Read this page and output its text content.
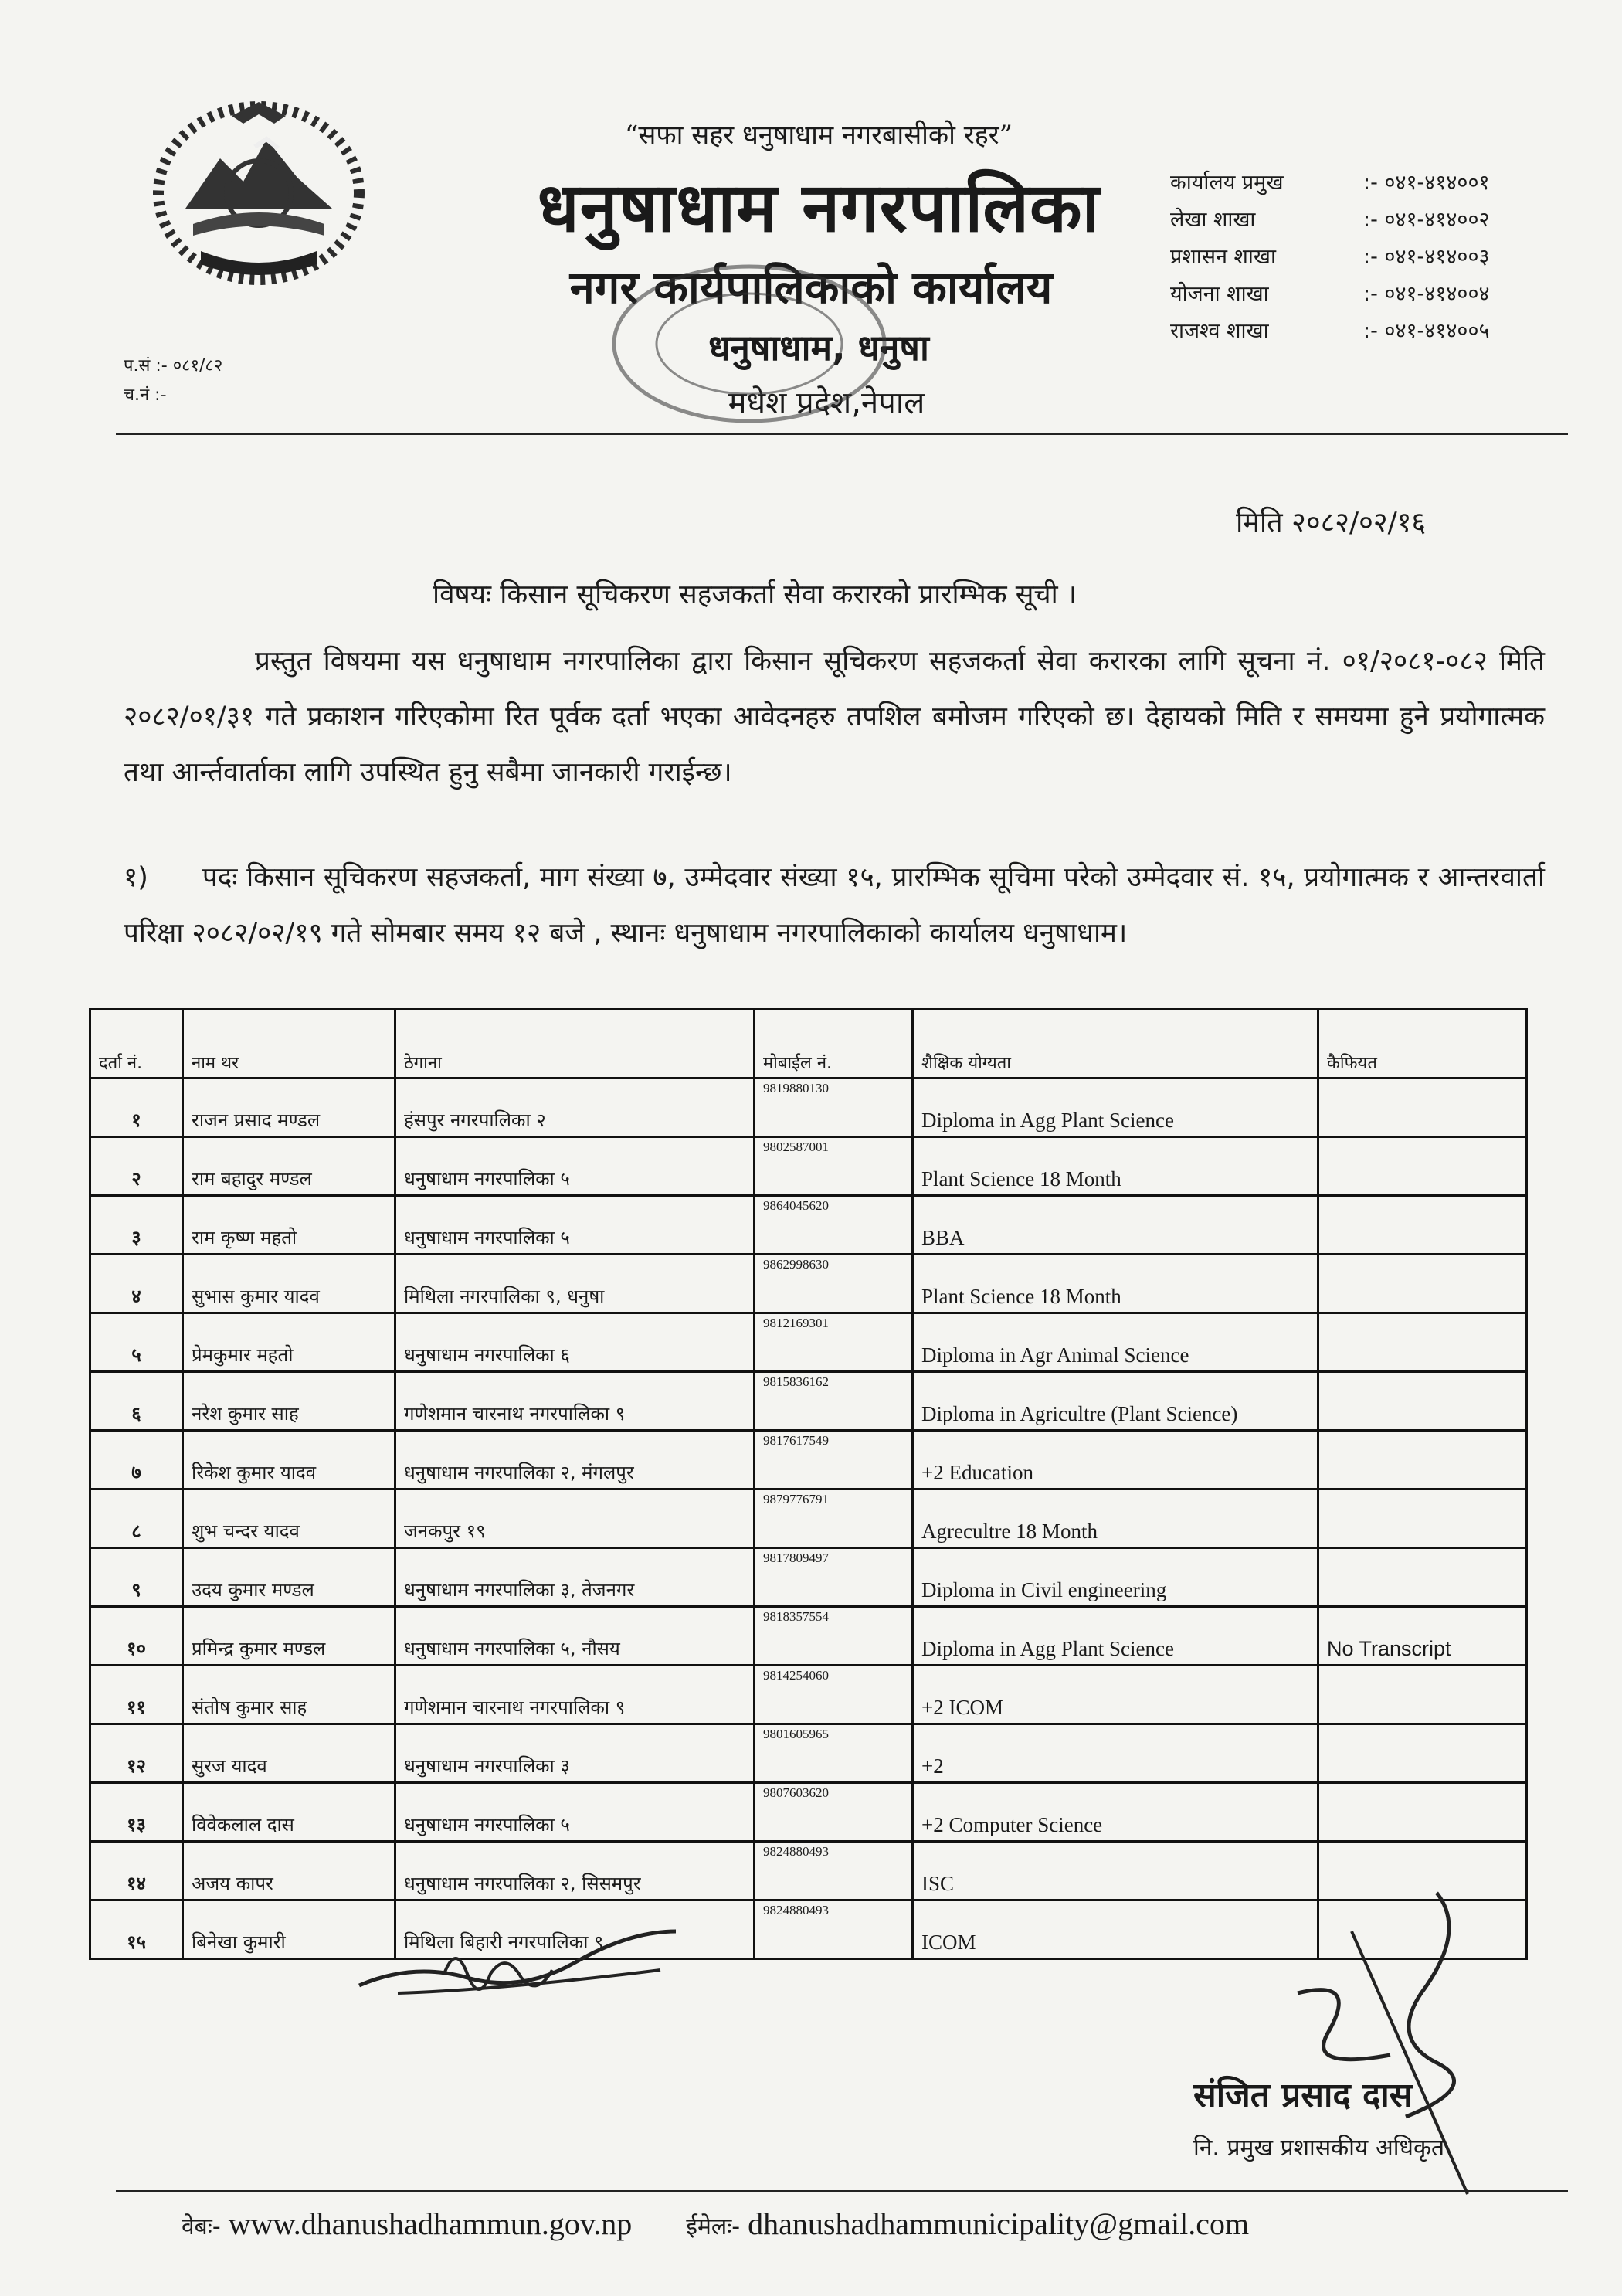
“सफा सहर धनुषाधाम नगरबासीको रहर”
धनुषाधाम नगरपालिका
नगर कार्यपालिकाको कार्यालय
धनुषाधाम, धनुषा
मधेश प्रदेश,नेपाल
कार्यालय प्रमुख	:- ०४१-४१४००१
लेखा शाखा	:- ०४१-४१४००२
प्रशासन शाखा	:- ०४१-४१४००३
योजना शाखा	:- ०४१-४१४००४
राजश्व शाखा	:- ०४१-४१४००५
प.सं :- ०८१/८२
च.नं :-
मिति २०८२/०२/१६
विषयः किसान सूचिकरण सहजकर्ता सेवा करारको प्रारम्भिक सूची ।
प्रस्तुत विषयमा यस धनुषाधाम नगरपालिका द्वारा किसान सूचिकरण सहजकर्ता सेवा करारका लागि सूचना नं. ०१/२०८१-०८२ मिति २०८२/०१/३१ गते प्रकाशन गरिएकोमा रित पूर्वक दर्ता भएका आवेदनहरु तपशिल बमोजम गरिएको छ। देहायको मिति र समयमा हुने प्रयोगात्मक तथा आर्न्तवार्ताका लागि उपस्थित हुनु सबैमा जानकारी गराईन्छ।
१) पदः किसान सूचिकरण सहजकर्ता, माग संख्या ७, उम्मेदवार संख्या १५, प्रारम्भिक सूचिमा परेको उम्मेदवार सं. १५, प्रयोगात्मक र आन्तरवार्ता परिक्षा २०८२/०२/१९ गते सोमबार समय १२ बजे , स्थानः धनुषाधाम नगरपालिकाको कार्यालय धनुषाधाम।
दर्ता नं.	नाम थर	ठेगाना	मोबाईल नं.	शैक्षिक योग्यता	कैफियत
१	राजन प्रसाद मण्डल	हंसपुर नगरपालिका २	9819880130	Diploma in Agg Plant Science	
२	राम बहादुर मण्डल	धनुषाधाम नगरपालिका ५	9802587001	Plant Science 18 Month	
३	राम कृष्ण महतो	धनुषाधाम नगरपालिका ५	9864045620	BBA	
४	सुभास कुमार यादव	मिथिला नगरपालिका ९, धनुषा	9862998630	Plant Science 18 Month	
५	प्रेमकुमार महतो	धनुषाधाम नगरपालिका ६	9812169301	Diploma in Agr Animal Science	
६	नरेश कुमार साह	गणेशमान चारनाथ नगरपालिका ९	9815836162	Diploma in Agricultre (Plant Science)	
७	रिकेश कुमार यादव	धनुषाधाम नगरपालिका २, मंगलपुर	9817617549	+2 Education	
८	शुभ चन्दर यादव	जनकपुर १९	9879776791	Agrecultre 18 Month	
९	उदय कुमार मण्डल	धनुषाधाम नगरपालिका ३, तेजनगर	9817809497	Diploma in Civil engineering	
१०	प्रमिन्द्र कुमार मण्डल	धनुषाधाम नगरपालिका ५, नौसय	9818357554	Diploma in Agg Plant Science	No Transcript
११	संतोष कुमार साह	गणेशमान चारनाथ नगरपालिका ९	9814254060	+2 ICOM	
१२	सुरज यादव	धनुषाधाम नगरपालिका ३	9801605965	+2	
१३	विवेकलाल दास	धनुषाधाम नगरपालिका ५	9807603620	+2 Computer Science	
१४	अजय कापर	धनुषाधाम नगरपालिका २, सिसमपुर	9824880493	ISC	
१५	बिनेखा कुमारी	मिथिला बिहारी नगरपालिका ९	9824880493	ICOM	
संजित प्रसाद दास
नि. प्रमुख प्रशासकीय अधिकृत
वेबः- www.dhanushadhammun.gov.np ईमेलः- dhanushadhammunicipality@gmail.com
